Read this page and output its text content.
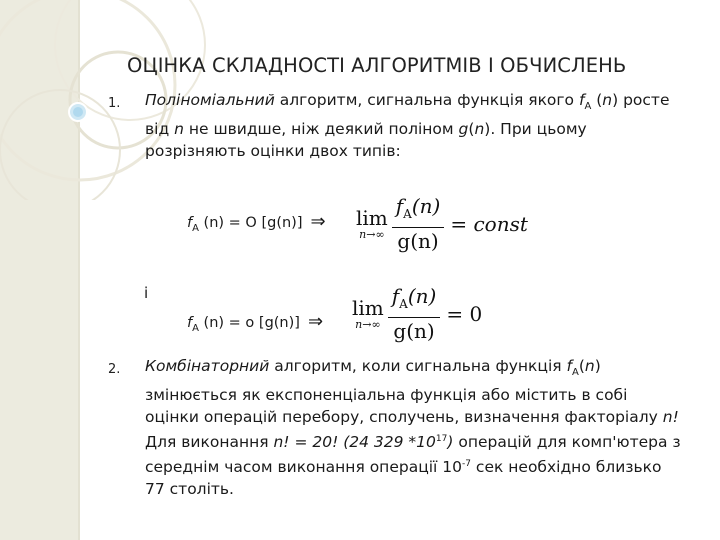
ОЦІНКА СКЛАДНОСТІ АЛГОРИТМІВ І ОБЧИСЛЕНЬ
1. Поліноміальний алгоритм, сигнальна функція якого $f_A$ (n) росте
від n не швидше, ніж деякий поліном g(n). При цьому
розрізняють оцінки двох типів:
$f_A$ (n) = O [g(n)] ⇒ lim
$n\to\infty \frac{f_A(n)}{g(n)}$ = const
і
$f_A$ (n) = o [g(n)] ⇒
lim
$n\to\infty \frac{f_A(n)}{g(n)} = 0$
2. Комбінаторний алгоритм, коли сигнальна функція $f_A(n)$
змінюється як експоненціальна функція або містить в собі
оцінки операцій перебору, сполучень, визначення факторіалу n!
Для виконання n! = 20! (24 329 $*10^{17}$) операцій для комп'ютера з
середнім часом виконання операції $10^{-7}$ сек необхідно близько
77 століть.
